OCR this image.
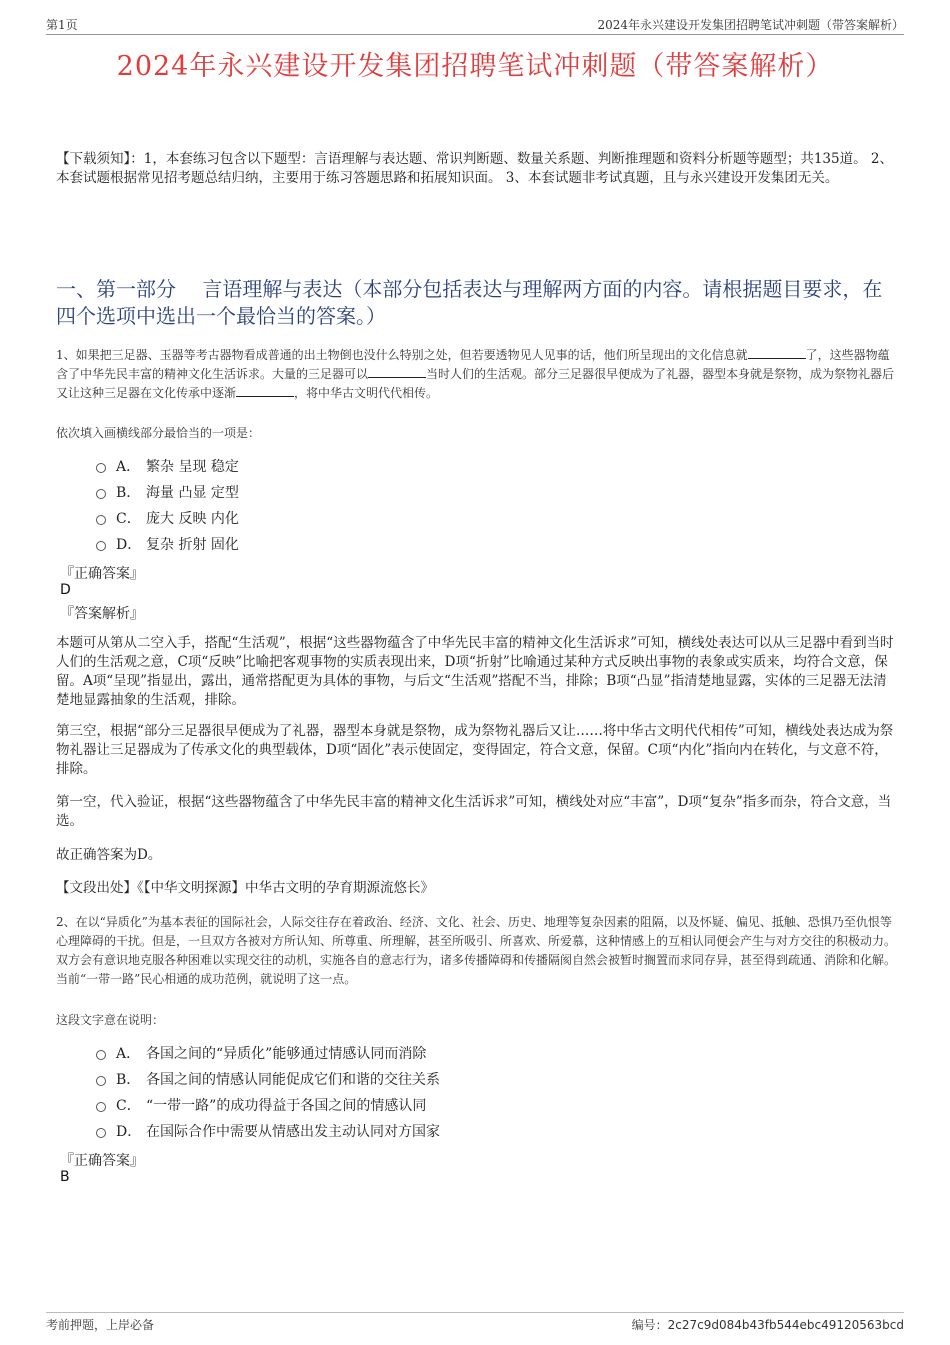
第1页	2024年永兴建设开发集团招聘笔试冲刺题（带答案解析）
2024年永兴建设开发集团招聘笔试冲刺题（带答案解析）
【下载须知】：1，本套练习包含以下题型：言语理解与表达题、常识判断题、数量关系题、判断推理题和资料分析题等题型；共135道。 2、本套试题根据常见招考题总结归纳，主要用于练习答题思路和拓展知识面。 3、本套试题非考试真题，且与永兴建设开发集团无关。
一、第一部分　 言语理解与表达（本部分包括表达与理解两方面的内容。请根据题目要求，在四个选项中选出一个最恰当的答案。）
1、如果把三足器、玉器等考古器物看成普通的出土物倒也没什么特别之处，但若要透物见人见事的话，他们所呈现出的文化信息就	了，这些器物蕴含了中华先民丰富的精神文化生活诉求。大量的三足器可以	当时人们的生活观。部分三足器很早便成为了礼器，器型本身就是祭物，成为祭物礼器后又让这种三足器在文化传承中逐渐	，将中华古文明代代相传。
依次填入画横线部分最恰当的一项是：
A． 繁杂 呈现 稳定
B． 海量 凸显 定型
C． 庞大 反映 内化
D． 复杂 折射 固化
『正确答案』
D
『答案解析』
本题可从第从二空入手，搭配“生活观”，根据“这些器物蕴含了中华先民丰富的精神文化生活诉求”可知，横线处表达可以从三足器中看到当时人们的生活观之意，C项“反映”比喻把客观事物的实质表现出来，D项“折射”比喻通过某种方式反映出事物的表象或实质来，均符合文意，保留。A项“呈现”指显出，露出，通常搭配更为具体的事物，与后文“生活观”搭配不当，排除；B项“凸显”指清楚地显露，实体的三足器无法清楚地显露抽象的生活观，排除。
第三空，根据“部分三足器很早便成为了礼器，器型本身就是祭物，成为祭物礼器后又让……将中华古文明代代相传”可知，横线处表达成为祭物礼器让三足器成为了传承文化的典型载体，D项“固化”表示使固定，变得固定，符合文意，保留。C项“内化”指向内在转化，与文意不符，排除。
第一空，代入验证，根据“这些器物蕴含了中华先民丰富的精神文化生活诉求”可知，横线处对应“丰富”，D项“复杂”指多而杂，符合文意，当选。
故正确答案为D。
【文段出处】《【中华文明探源】中华古文明的孕育期源流悠长》
2、在以“异质化”为基本表征的国际社会，人际交往存在着政治、经济、文化、社会、历史、地理等复杂因素的阻隔，以及怀疑、偏见、抵触、恐惧乃至仇恨等心理障碍的干扰。但是，一旦双方各被对方所认知、所尊重、所理解，甚至所吸引、所喜欢、所爱慕，这种情感上的互相认同便会产生与对方交往的积极动力。双方会有意识地克服各种困难以实现交往的动机，实施各自的意志行为，诸多传播障碍和传播隔阂自然会被暂时搁置而求同存异，甚至得到疏通、消除和化解。当前“一带一路”民心相通的成功范例，就说明了这一点。
这段文字意在说明：
A． 各国之间的“异质化”能够通过情感认同而消除
B． 各国之间的情感认同能促成它们和谐的交往关系
C． “一带一路”的成功得益于各国之间的情感认同
D． 在国际合作中需要从情感出发主动认同对方国家
『正确答案』
B
考前押题，上岸必备	编号：2c27c9d084b43fb544ebc49120563bcd
